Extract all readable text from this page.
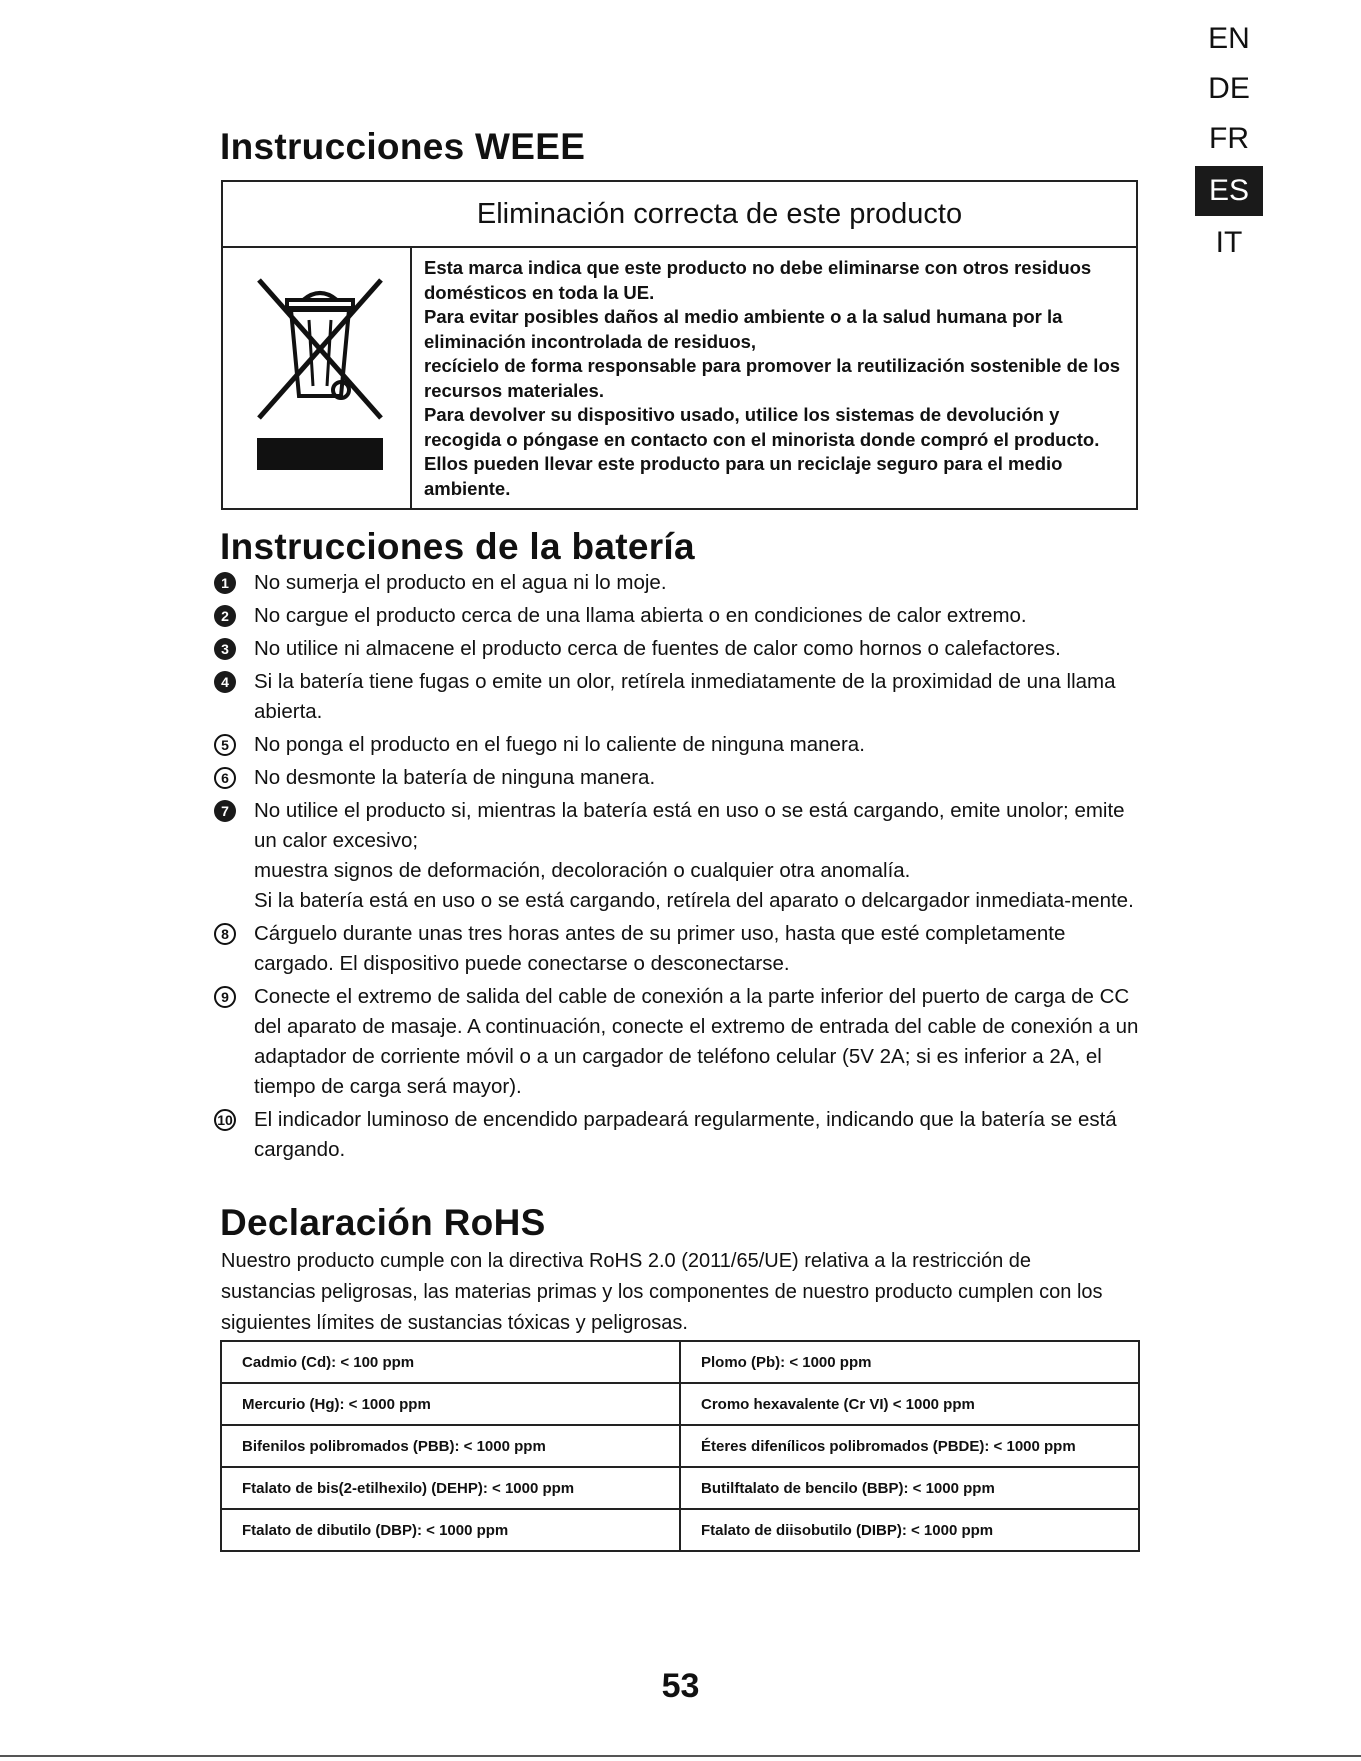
EN
DE
FR
ES
IT
Instrucciones WEEE
Eliminación correcta de este producto

Esta marca indica que este producto no debe eliminarse con otros residuos domésticos en toda la UE.

Para evitar posibles daños al medio ambiente o a la salud humana por la eliminación incontrolada de residuos,

recícielo de forma responsable para promover la reutilización sostenible de los recursos materiales.

Para devolver su dispositivo usado, utilice los sistemas de devolución y recogida o póngase en contacto con el minorista donde compró el producto.

Ellos pueden llevar este producto para un reciclaje seguro para el medio ambiente.

Instrucciones de la batería
1	No sumerja el producto en el agua ni lo moje.

2	No cargue el producto cerca de una llama abierta o en condiciones de calor extremo.

3	No utilice ni almacene el producto cerca de fuentes de calor como hornos o calefactores.

4	Si la batería tiene fugas o emite un olor, retírela inmediatamente de la proximidad de una llama abierta.

5	No ponga el producto en el fuego ni lo caliente de ninguna manera.

6	No desmonte la batería de ninguna manera.

7	No utilice el producto si, mientras la batería está en uso o se está cargando, emite unolor; emite un calor excesivo;

muestra signos de deformación, decoloración o cualquier otra anomalía.

Si la batería está en uso o se está cargando, retírela del aparato o delcargador inmediata-mente.

8	Cárguelo durante unas tres horas antes de su primer uso, hasta que esté completamente cargado. El dispositivo puede conectarse o desconectarse.

9	Conecte el extremo de salida del cable de conexión a la parte inferior del puerto de carga de CC del aparato de masaje. A continuación, conecte el extremo de entrada del cable de conexión a un adaptador de corriente móvil o a un cargador de teléfono celular (5V 2A; si es inferior a 2A, el tiempo de carga será mayor).

10 El indicador luminoso de encendido parpadeará regularmente, indicando que la batería se está cargando.

Declaración RoHS

Nuestro producto cumple con la directiva RoHS 2.0 (2011/65/UE) relativa a la restricción de sustancias peligrosas, las materias primas y los componentes de nuestro producto cumplen con los siguientes límites de sustancias tóxicas y peligrosas.

Cadmio (Cd): < 100 ppm	Plomo (Pb): < 1000 ppm
Mercurio (Hg): < 1000 ppm	Cromo hexavalente (Cr VI) < 1000 ppm
Bifenilos polibromados (PBB): < 1000 ppm	Éteres difenílicos polibromados (PBDE): < 1000 ppm
Ftalato de bis(2-etilhexilo) (DEHP): < 1000 ppm	Butilftalato de bencilo (BBP): < 1000 ppm
Ftalato de dibutilo (DBP): < 1000 ppm	Ftalato de diisobutilo (DIBP): < 1000 ppm
53
